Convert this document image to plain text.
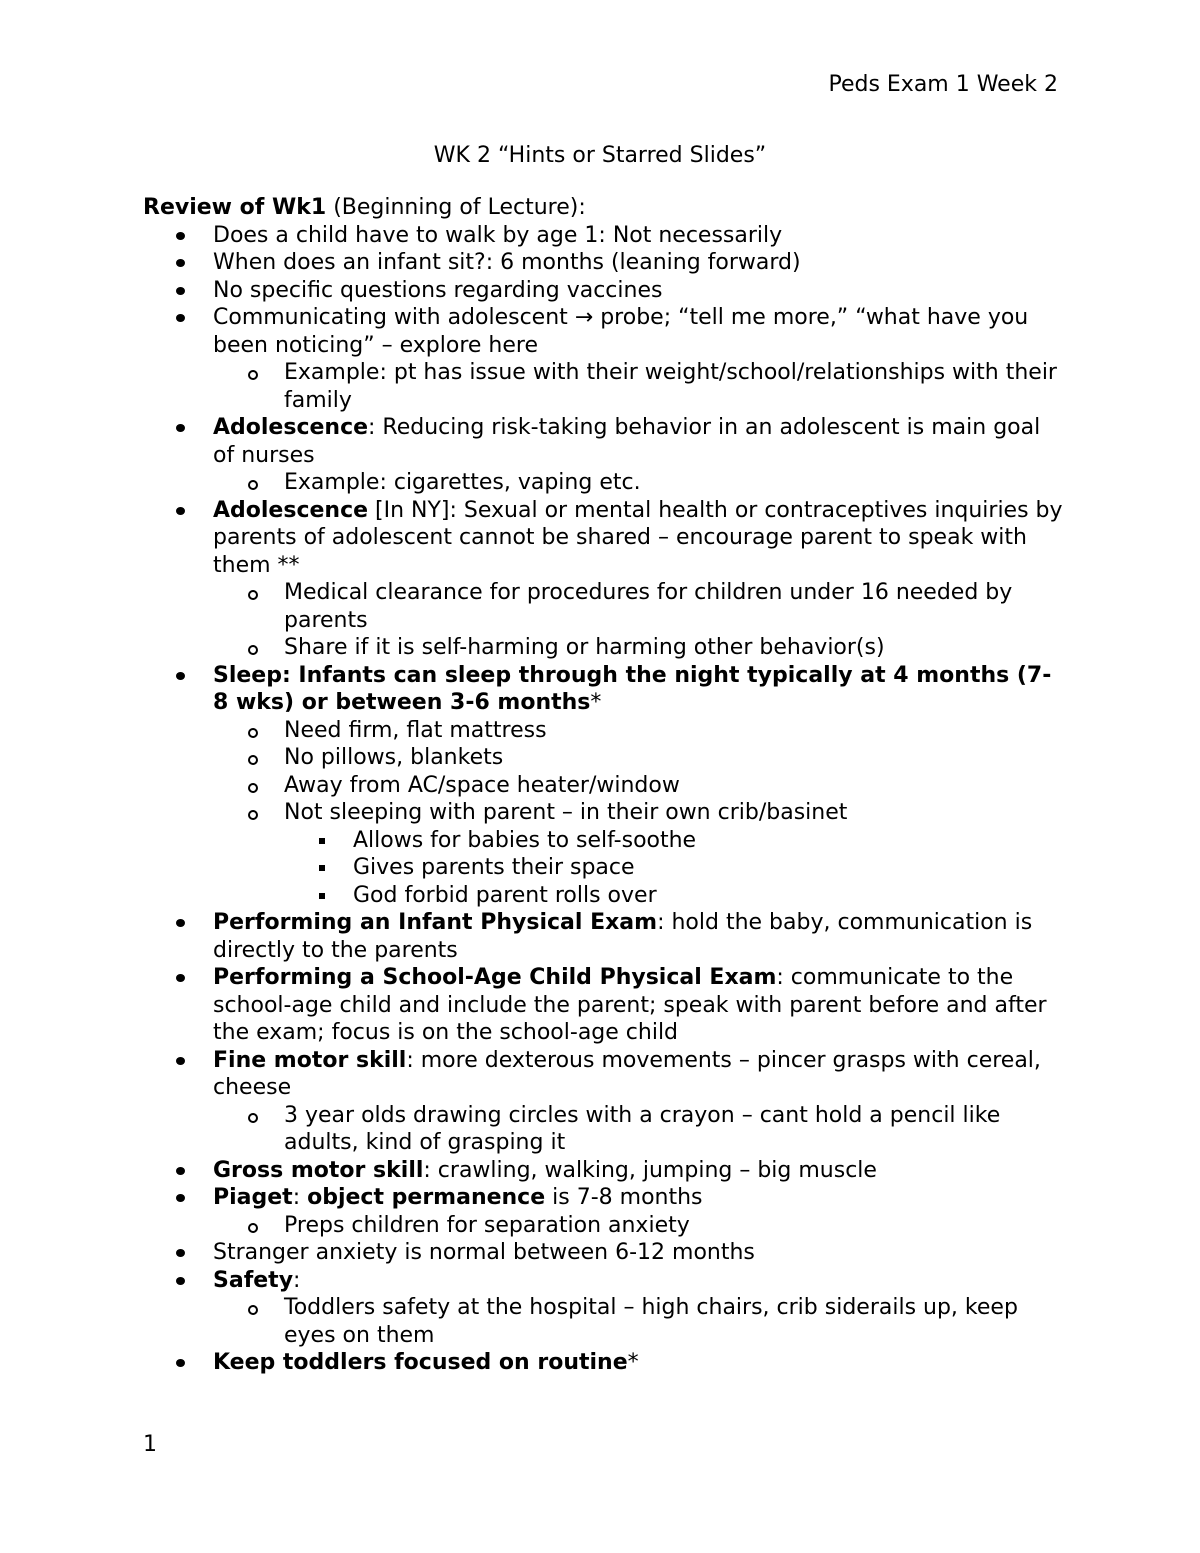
Peds Exam 1 Week 2
WK 2 “Hints or Starred Slides”

Review of Wk1 (Beginning of Lecture):

Does a child have to walk by age 1: Not necessarily
When does an infant sit?: 6 months (leaning forward)
No specific questions regarding vaccines
Communicating with adolescent → probe; “tell me more,” “what have you been noticing” – explore here
Example: pt has issue with their weight/school/relationships with their family
Adolescence: Reducing risk-taking behavior in an adolescent is main goal of nurses
Example: cigarettes, vaping etc.
Adolescence [In NY]: Sexual or mental health or contraceptives inquiries by parents of adolescent cannot be shared – encourage parent to speak with them **
Medical clearance for procedures for children under 16 needed by parents
Share if it is self-harming or harming other behavior(s)
Sleep: Infants can sleep through the night typically at 4 months (7-8 wks) or between 3-6 months*
Need firm, flat mattress
No pillows, blankets
Away from AC/space heater/window
Not sleeping with parent – in their own crib/basinet
Allows for babies to self-soothe
Gives parents their space
God forbid parent rolls over
Performing an Infant Physical Exam: hold the baby, communication is directly to the parents
Performing a School-Age Child Physical Exam: communicate to the school-age child and include the parent; speak with parent before and after the exam; focus is on the school-age child
Fine motor skill: more dexterous movements – pincer grasps with cereal, cheese
3 year olds drawing circles with a crayon – cant hold a pencil like adults, kind of grasping it
Gross motor skill: crawling, walking, jumping – big muscle
Piaget: object permanence is 7-8 months
Preps children for separation anxiety
Stranger anxiety is normal between 6-12 months
Safety:
Toddlers safety at the hospital – high chairs, crib siderails up, keep eyes on them
Keep toddlers focused on routine*
1
